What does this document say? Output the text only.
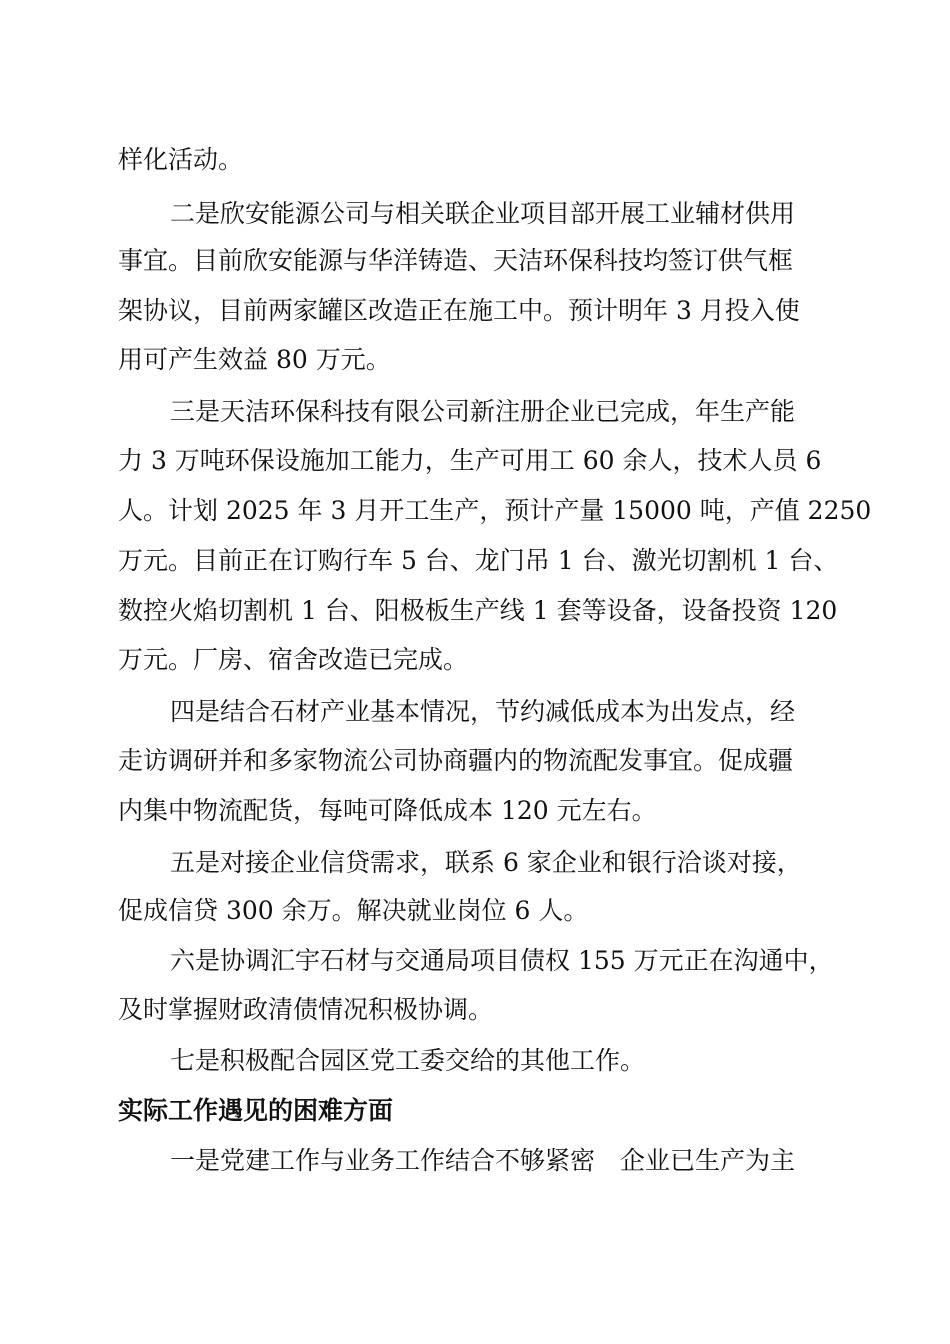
样化活动。
二是欣安能源公司与相关联企业项目部开展工业辅材供用
事宜。目前欣安能源与华洋铸造、天洁环保科技均签订供气框
架协议，目前两家罐区改造正在施工中。预计明年 3 月投入使
用可产生效益 80 万元。
三是天洁环保科技有限公司新注册企业已完成，年生产能
力 3 万吨环保设施加工能力，生产可用工 60 余人，技术人员 6
人。计划 2025 年 3 月开工生产，预计产量 15000 吨，产值 2250
万元。目前正在订购行车 5 台、龙门吊 1 台、激光切割机 1 台、
数控火焰切割机 1 台、阳极板生产线 1 套等设备，设备投资 120
万元。厂房、宿舍改造已完成。
四是结合石材产业基本情况，节约减低成本为出发点，经
走访调研并和多家物流公司协商疆内的物流配发事宜。促成疆
内集中物流配货，每吨可降低成本 120 元左右。
五是对接企业信贷需求，联系 6 家企业和银行洽谈对接，
促成信贷 300 余万。解决就业岗位 6 人。
六是协调汇宇石材与交通局项目债权 155 万元正在沟通中，
及时掌握财政清债情况积极协调。
七是积极配合园区党工委交给的其他工作。
实际工作遇见的困难方面
一是党建工作与业务工作结合不够紧密　企业已生产为主
